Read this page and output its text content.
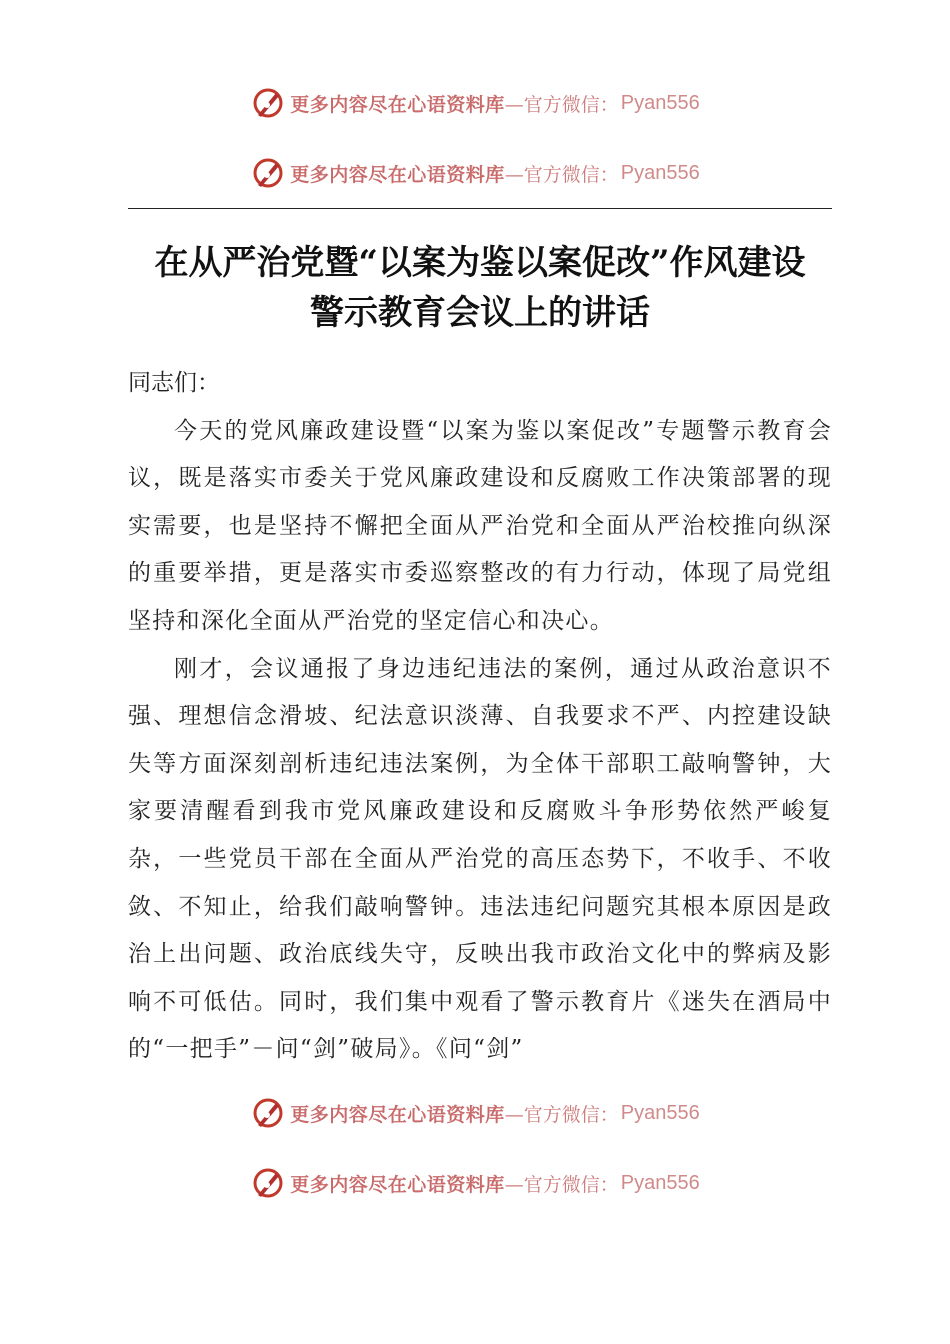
更多内容尽在心语资料库 —官方微信： Pyan556
更多内容尽在心语资料库 —官方微信： Pyan556
在从严治党暨“以案为鉴以案促改”作风建设
警示教育会议上的讲话

同志们：

今天的党风廉政建设暨“以案为鉴以案促改”专题警示教育会议，既是落实市委关于党风廉政建设和反腐败工作决策部署的现实需要，也是坚持不懈把全面从严治党和全面从严治校推向纵深的重要举措，更是落实市委巡察整改的有力行动，体现了局党组坚持和深化全面从严治党的坚定信心和决心。

刚才，会议通报了身边违纪违法的案例，通过从政治意识不强、理想信念滑坡、纪法意识淡薄、自我要求不严、内控建设缺失等方面深刻剖析违纪违法案例，为全体干部职工敲响警钟，大家要清醒看到我市党风廉政建设和反腐败斗争形势依然严峻复杂，一些党员干部在全面从严治党的高压态势下，不收手、不收敛、不知止，给我们敲响警钟。违法违纪问题究其根本原因是政治上出问题、政治底线失守，反映出我市政治文化中的弊病及影响不可低估。同时，我们集中观看了警示教育片《迷失在酒局中的“一把手”－问“剑”破局》。《问“剑”

更多内容尽在心语资料库 —官方微信： Pyan556
更多内容尽在心语资料库 —官方微信： Pyan556
